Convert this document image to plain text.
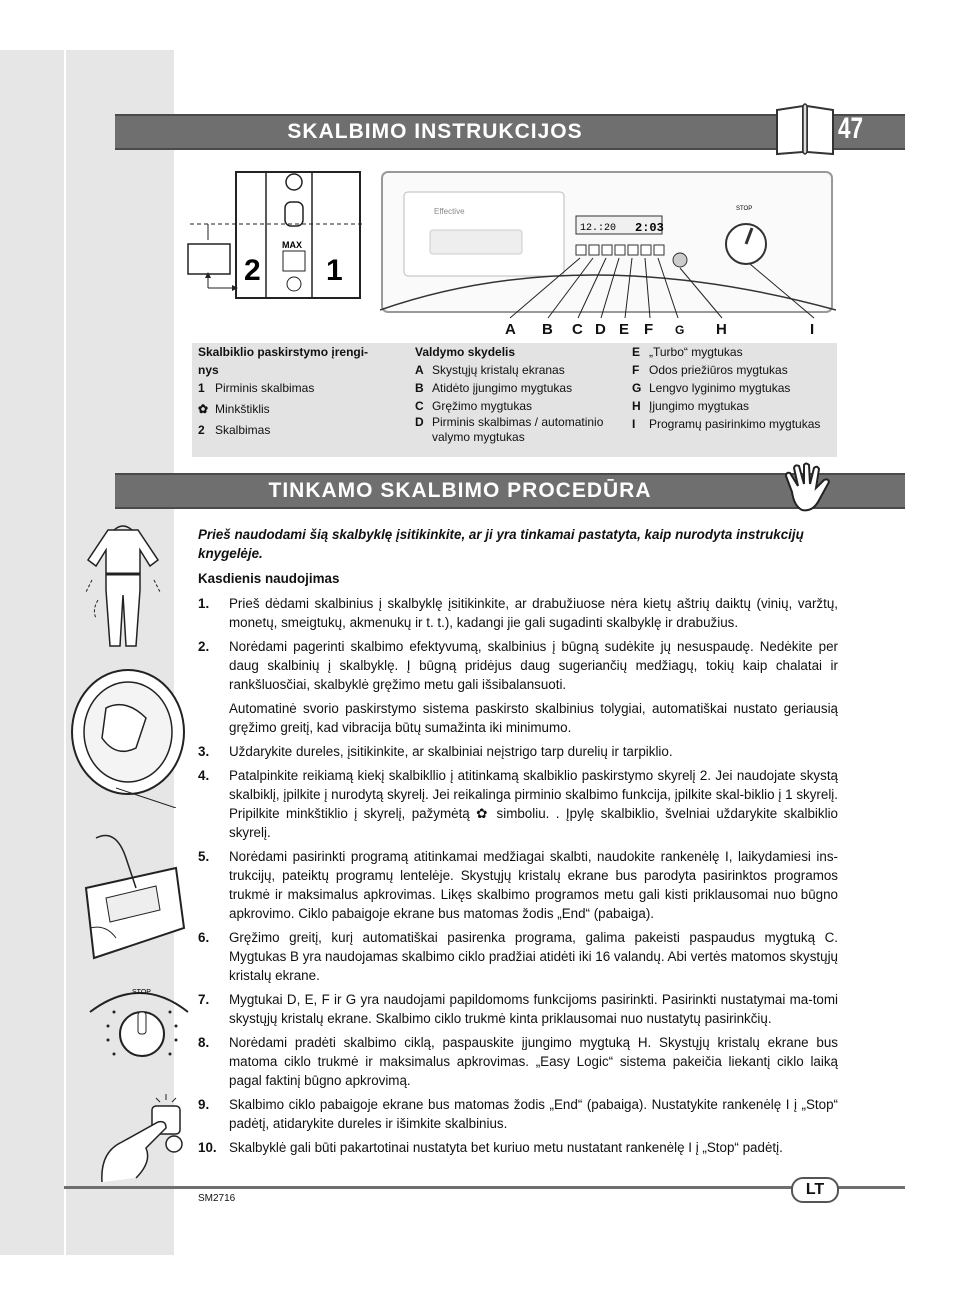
SKALBIMO INSTRUKCIJOS	47
MAX
2 1
Effective
12.:20 2:03
STOP
A B C D E F G H	I
Skalbiklio paskirstymo įrengi-nys
1 Pirminis skalbimas
✿ Minkštiklis
2 Skalbimas
Valdymo skydelis
A Skystųjų kristalų ekranas
B Atidėto įjungimo mygtukas
C Gręžimo mygtukas
D Pirminis skalbimas / automatinio valymo mygtukas
E „Turbo“ mygtukas
F Odos priežiūros mygtukas
G Lengvo lyginimo mygtukas
H Įjungimo mygtukas
I	Programų pasirinkimo mygtukas
TINKAMO SKALBIMO PROCEDŪRA
STOP

Prieš naudodami šią skalbyklę įsitikinkite, ar ji yra tinkamai pastatyta, kaip nurodyta instrukcijų knygelėje.

Kasdienis naudojimas

1.	Prieš dėdami skalbinius į skalbyklę įsitikinkite, ar drabužiuose nėra kietų aštrių daiktų (vinių, varžtų, monetų, smeigtukų, akmenukų ir t. t.), kadangi jie gali sugadinti skalbyklę ir drabužius.
2.	Norėdami pagerinti skalbimo efektyvumą, skalbinius į būgną sudėkite jų nesuspaudę. Nedėkite per daug skalbinių į skalbyklę. Į būgną pridėjus daug sugeriančių medžiagų, tokių kaip chalatai ir rankšluosčiai, skalbyklė gręžimo metu gali išsibalansuoti.
Automatinė svorio paskirstymo sistema paskirsto skalbinius tolygiai, automatiškai nustato geriausią gręžimo greitį, kad vibracija būtų sumažinta iki minimumo.
3.	Uždarykite dureles, įsitikinkite, ar skalbiniai neįstrigo tarp durelių ir tarpiklio.
4.	Patalpinkite reikiamą kiekį skalbikllio į atitinkamą skalbiklio paskirstymo skyrelį 2. Jei naudojate skystą skalbiklį, įpilkite į nurodytą skyrelį. Jei reikalinga pirminio skalbimo funkcija, įpilkite skal-biklio į 1 skyrelį. Pripilkite minkštiklio į skyrelį, pažymėtą ✿ simboliu. . Įpylę skalbiklio, švelniai uždarykite skalbiklio skyrelį.
5.	Norėdami pasirinkti programą atitinkamai medžiagai skalbti, naudokite rankenėlę I, laikydamiesi ins-trukcijų, pateiktų programų lentelėje. Skystųjų kristalų ekrane bus parodyta pasirinktos programos trukmė ir maksimalus apkrovimas. Likęs skalbimo programos metu gali kisti priklausomai nuo būgno apkrovimo. Ciklo pabaigoje ekrane bus matomas žodis „End“ (pabaiga).
6.	Gręžimo greitį, kurį automatiškai pasirenka programa, galima pakeisti paspaudus mygtuką C. Mygtukas B yra naudojamas skalbimo ciklo pradžiai atidėti iki 16 valandų. Abi vertės matomos skystųjų kristalų ekrane.
7.	Mygtukai D, E, F ir G yra naudojami papildomoms funkcijoms pasirinkti. Pasirinkti nustatymai ma-tomi skystųjų kristalų ekrane. Skalbimo ciklo trukmė kinta priklausomai nuo nustatytų pasirinkčių.
8.	Norėdami pradėti skalbimo ciklą, paspauskite įjungimo mygtuką H. Skystųjų kristalų ekrane bus matoma ciklo trukmė ir maksimalus apkrovimas. „Easy Logic“ sistema pakeičia liekantį ciklo laiką pagal faktinį būgno apkrovimą.
9.	Skalbimo ciklo pabaigoje ekrane bus matomas žodis „End“ (pabaiga). Nustatykite rankenėlę I į „Stop“ padėtį, atidarykite dureles ir išimkite skalbinius.
10. Skalbyklė gali būti pakartotinai nustatyta bet kuriuo metu nustatant rankenėlę I į „Stop“ padėtį.
LT
SM2716
